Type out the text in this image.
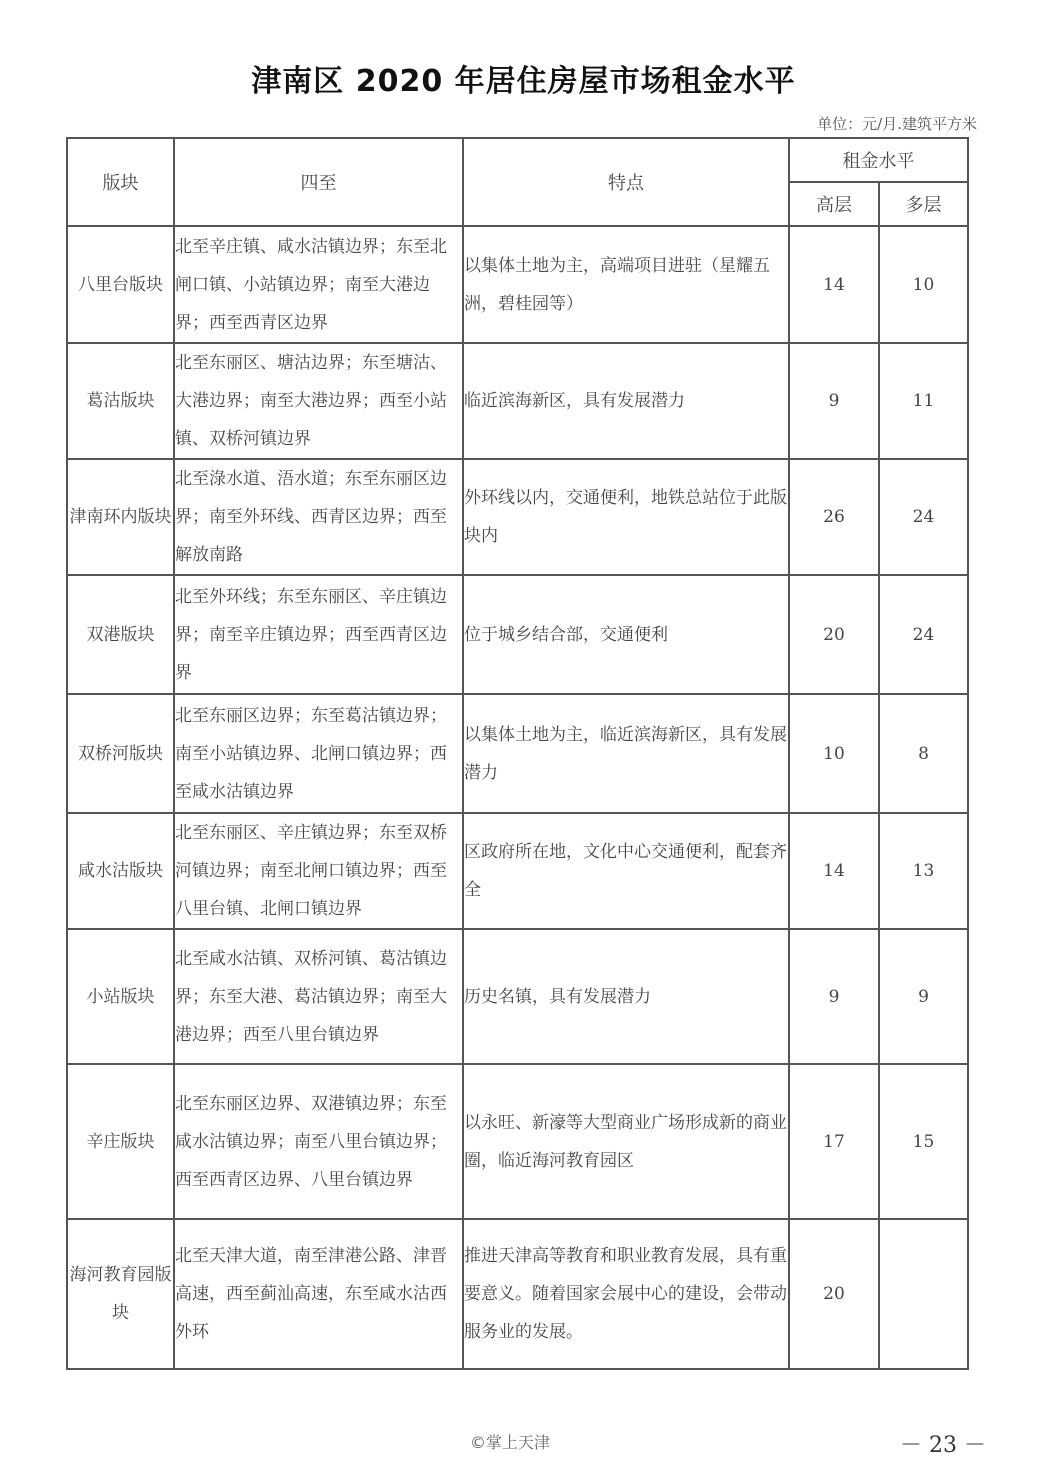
津南区 2020 年居住房屋市场租金水平
单位：元/月.建筑平方米
版块	四至	特点	租金水平	
			高层	多层
八里台版块	北至辛庄镇、咸水沽镇边界；东至北闸口镇、小站镇边界；南至大港边界；西至西青区边界	以集体土地为主，高端项目进驻（星耀五洲，碧桂园等）	14	10
葛沽版块	北至东丽区、塘沽边界；东至塘沽、大港边界；南至大港边界；西至小站镇、双桥河镇边界	临近滨海新区，具有发展潜力	9	11
津南环内版块	北至淥水道、浯水道；东至东丽区边界；南至外环线、西青区边界；西至解放南路	外环线以内，交通便利，地铁总站位于此版块内	26	24
双港版块	北至外环线；东至东丽区、辛庄镇边界；南至辛庄镇边界；西至西青区边界	位于城乡结合部，交通便利	20	24
双桥河版块	北至东丽区边界；东至葛沽镇边界；南至小站镇边界、北闸口镇边界；西至咸水沽镇边界	以集体土地为主，临近滨海新区，具有发展潜力	10	8
咸水沽版块	北至东丽区、辛庄镇边界；东至双桥河镇边界；南至北闸口镇边界；西至八里台镇、北闸口镇边界	区政府所在地，文化中心交通便利，配套齐全	14	13
小站版块	北至咸水沽镇、双桥河镇、葛沽镇边界；东至大港、葛沽镇边界；南至大港边界；西至八里台镇边界	历史名镇，具有发展潜力	9	9
辛庄版块	北至东丽区边界、双港镇边界；东至咸水沽镇边界；南至八里台镇边界；西至西青区边界、八里台镇边界	以永旺、新濠等大型商业广场形成新的商业圈，临近海河教育园区	17	15
海河教育园版块	北至天津大道，南至津港公路、津晋高速，西至蓟汕高速，东至咸水沽西外环	推进天津高等教育和职业教育发展，具有重要意义。随着国家会展中心的建设，会带动服务业的发展。	20	
©掌上天津	－ 23 －
